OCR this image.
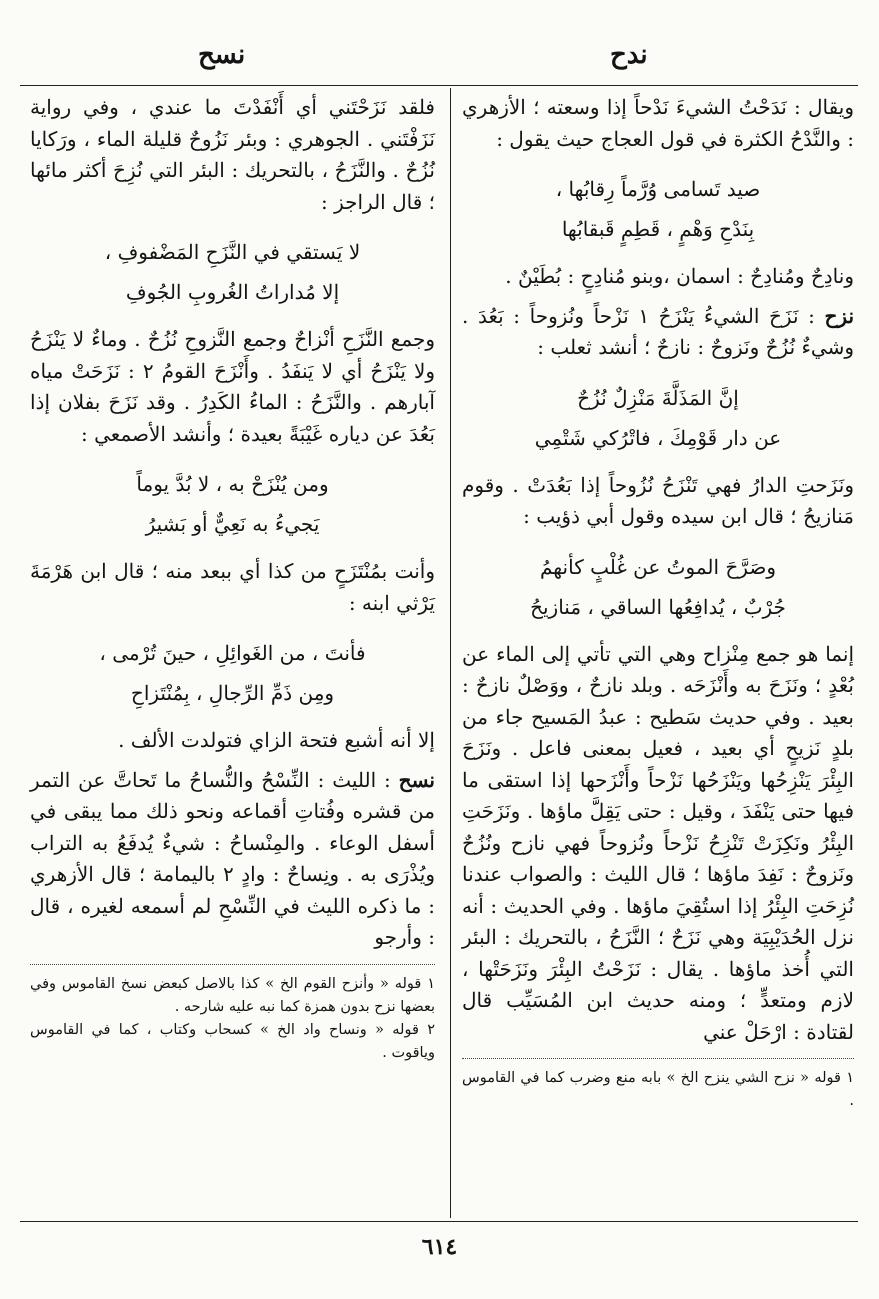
ندح
نسح

ويقال : نَدَحْتُ الشيءَ نَدْحاً إذا وسعته ؛ الأزهري : والنَّدْحُ الكثرة في قول العجاج حيث يقول :

صيد تَسامى وُرَّماً رِقابُها ،

بِنَدْحِ وَهْمٍ ، قَطِمٍ قَبقابُها

ونادِحٌ ومُنادِحٌ : اسمان ،وبنو مُنادِحٍ : بُطَيْنٌ .

نزح : نَزَحَ الشيءُ يَنْزَحُ ١ نَزْحاً ونُزوحاً : بَعُدَ . وشيءٌ نُزُحٌ ونَزوحٌ : نازحٌ ؛ أنشد ثعلب :

إنَّ المَذَلَّةَ مَنْزِلٌ نُزُحٌ

عن دار قَوْمِكَ ، فاتْرُكي شَتْمِي

ونَزَحتِ الدارُ فهي تَنْزَحُ نُزُوحاً إذا بَعُدَتْ . وقوم مَنازيحُ ؛ قال ابن سيده وقول أبي ذؤيب :

وصَرَّحَ الموتُ عن غُلْبٍ كأنهمُ

جُرْبٌ ، يُدافِعُها الساقي ، مَنازيحُ

إنما هو جمع مِنْزاح وهي التي تأتي إلى الماء عن بُعْدٍ ؛ ونَزَحَ به وأَنْزَحَه . وبلد نازحٌ ، ووَصْلٌ نازحٌ : بعيد . وفي حديث سَطيح : عبدُ المَسيح جاء من بلدٍ نَزيحٍ أي بعيد ، فعيل بمعنى فاعل . ونَزَحَ البِئْرَ يَنْزِحُها ويَنْزَحُها نَزْحاً وأَنْزَحها إذا استقى ما فيها حتى يَنْفَدَ ، وقيل : حتى يَقِلَّ ماؤها . ونَزَحَتِ البِئْرُ ونَكِزَتْ تَنْزِحُ نَزْحاً ونُزوحاً فهي نازح ونُزُحٌ ونَزوحٌ : نَفِدَ ماؤها ؛ قال الليث : والصواب عندنا نُزِحَتِ البِئْرُ إذا استُقِيَ ماؤها . وفي الحديث : أنه نزل الحُدَيْبِيَة وهي نَزَحٌ ؛ النَّزَحُ ، بالتحريك : البئر التي أُخذ ماؤها . يقال : نَزَحْتُ البِئْرَ ونَزَحَتْها ، لازم ومتعدٍّ ؛ ومنه حديث ابن المُسَيِّب قال لقتادة : ارْحَلْ عني

١ قوله « نزح الشي ينزح الخ » بابه منع وضرب كما في القاموس .

فلقد نَزَحْتَني أي أَنْفَدْتَ ما عندي ، وفي رواية نَزَفْتَني . الجوهري : وبئر نَزُوحٌ قليلة الماء ، ورَكايا نُزُحٌ . والنَّزَحُ ، بالتحريك : البئر التي نُزِحَ أكثر مائها ؛ قال الراجز :

لا يَستقي في النَّزَحِ المَضْفوفِ ،

إلا مُداراتُ الغُروبِ الجُوفِ

وجمع النَّزَحِ أنْزاحٌ وجمع النَّزوحِ نُزُحٌ . وماءٌ لا يَنْزَحُ ولا يَنْزَحُ أي لا يَنفَدُ . وأَنْزَحَ القومُ ٢ : نَزَحَتْ مياه آبارهم . والنَّزَحُ : الماءُ الكَدِرُ . وقد نَزَحَ بفلان إذا بَعُدَ عن دياره غَيْبَةً بعيدة ؛ وأنشد الأصمعي :

ومن يُنْزَحْ به ، لا بُدَّ يوماً

يَجيءُ به نَعِيٌّ أو بَشيرُ

وأنت بمُنْتَزَحٍ من كذا أي ببعد منه ؛ قال ابن هَرْمَةَ يَرْثي ابنه :

فأنتَ ، من الغَوائِلِ ، حينَ تُرْمى ،

ومِن ذَمِّ الرِّجالِ ، بِمُنْتَزاحِ

إلا أنه أشبع فتحة الزاي فتولدت الألف .

نسح : الليث : النِّسْحُ والنُّساحُ ما تَحاتَّ عن التمر من قشره وفُتاتِ أقماعه ونحو ذلك مما يبقى في أسفل الوعاء . والمِنْساحُ : شيءٌ يُدفَعُ به التراب ويُذْرَى به . ونِساحٌ : وادٍ ٢ باليمامة ؛ قال الأزهري : ما ذكره الليث في النِّسْحِ لم أسمعه لغيره ، قال : وأرجو

١ قوله « وأنزح القوم الخ » كذا بالاصل كبعض نسخ القاموس وفي بعضها نزح بدون همزة كما نبه عليه شارحه .

٢ قوله « ونساح واد الخ » كسحاب وكتاب ، كما في القاموس وياقوت .

٦١٤
